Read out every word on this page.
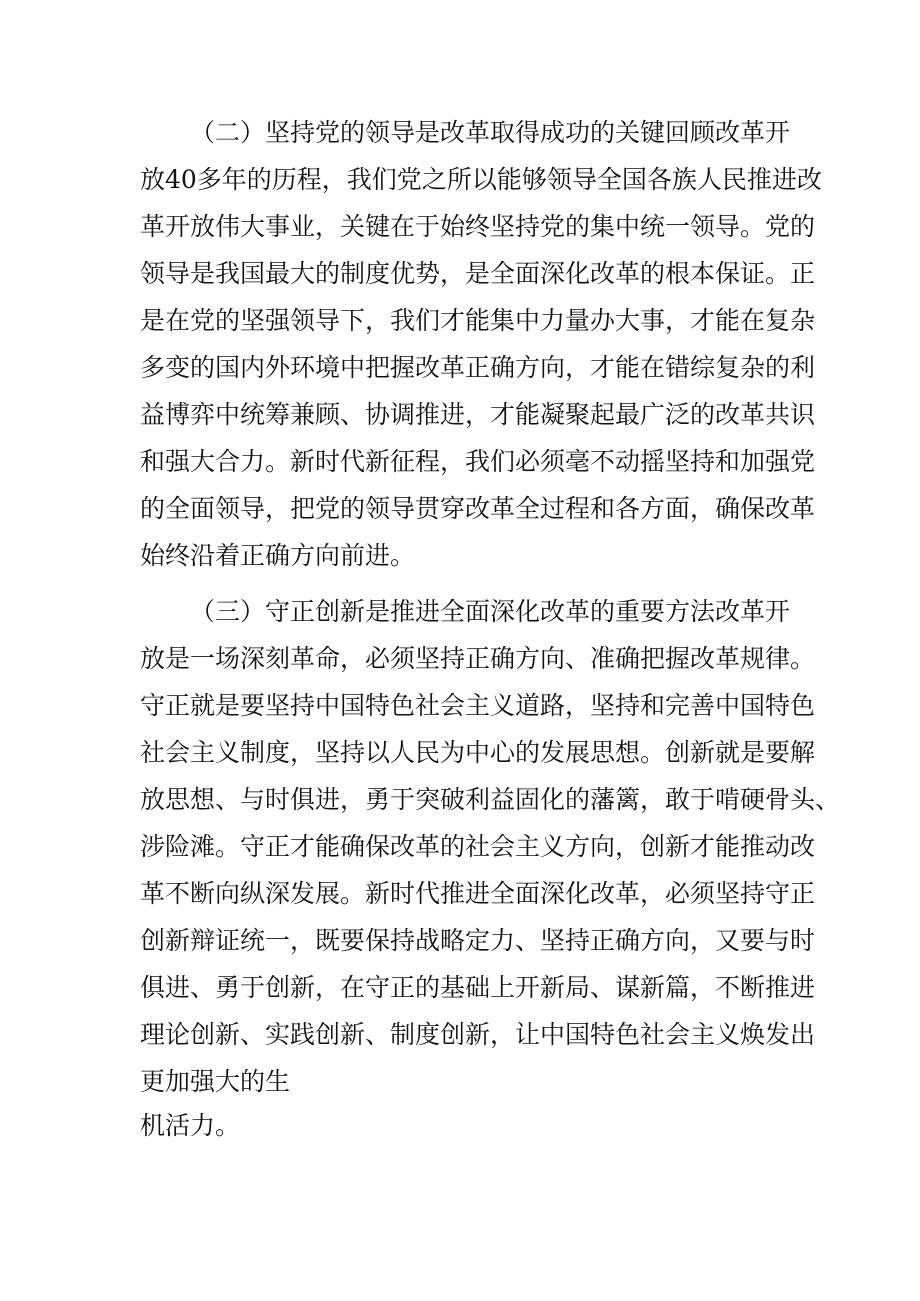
（二）坚持党的领导是改革取得成功的关键回顾改革开
放40多年的历程，我们党之所以能够领导全国各族人民推进改
革开放伟大事业，关键在于始终坚持党的集中统一领导。党的
领导是我国最大的制度优势，是全面深化改革的根本保证。正
是在党的坚强领导下，我们才能集中力量办大事，才能在复杂
多变的国内外环境中把握改革正确方向，才能在错综复杂的利
益博弈中统筹兼顾、协调推进，才能凝聚起最广泛的改革共识
和强大合力。新时代新征程，我们必须毫不动摇坚持和加强党
的全面领导，把党的领导贯穿改革全过程和各方面，确保改革
始终沿着正确方向前进。
（三）守正创新是推进全面深化改革的重要方法改革开
放是一场深刻革命，必须坚持正确方向、准确把握改革规律。
守正就是要坚持中国特色社会主义道路，坚持和完善中国特色
社会主义制度，坚持以人民为中心的发展思想。创新就是要解
放思想、与时俱进，勇于突破利益固化的藩篱，敢于啃硬骨头、
涉险滩。守正才能确保改革的社会主义方向，创新才能推动改
革不断向纵深发展。新时代推进全面深化改革，必须坚持守正
创新辩证统一，既要保持战略定力、坚持正确方向，又要与时
俱进、勇于创新，在守正的基础上开新局、谋新篇，不断推进
理论创新、实践创新、制度创新，让中国特色社会主义焕发出
更加强大的生
机活力。
